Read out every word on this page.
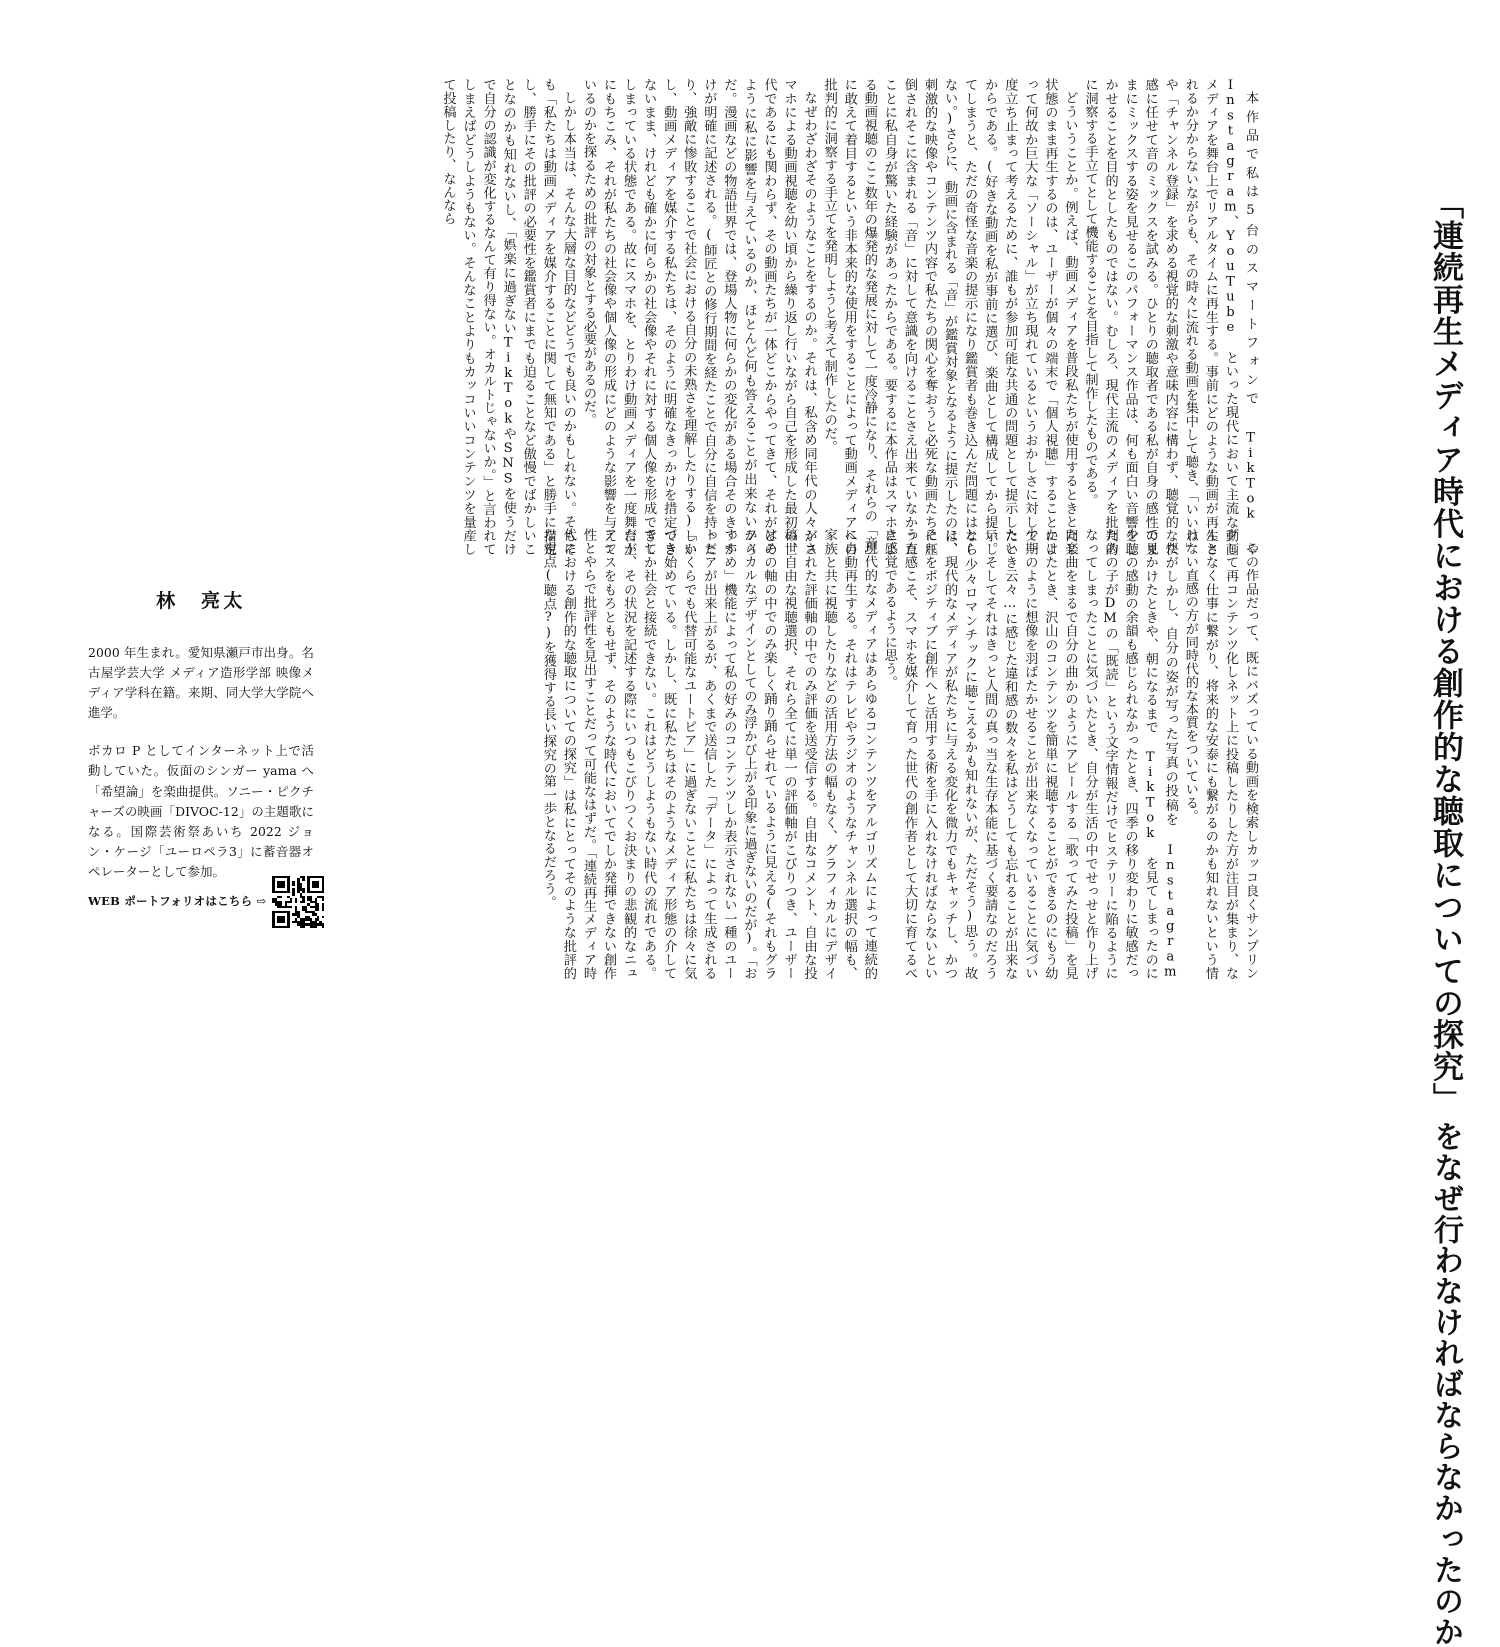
「連続再生メディア時代における創作的な聴取についての探究」
をなぜ行わなければならなかったのか

本作品で私は5台のスマートフォンで TikTok や Instagram、YouTube といった現代において主流な動画メディアを舞台上でリアルタイムに再生する。事前にどのような動画が再生されるか分からないながらも、その時々に流れる動画を集中して聴き、「いいね」や「チャンネル登録」を求める視覚的な刺激や意味内容に構わず、聴覚的な快感に任せて音のミックスを試みる。ひとりの聴取者である私が自身の感性のままにミックスする姿を見せるこのパフォーマンス作品は、何も面白い音響を聴かせることを目的としたものではない。むしろ、現代主流のメディアを批判的に洞察する手立てとして機能することを目指して制作したものである。

どういうことか。例えば、動画メディアを普段私たちが使用するときと同じ状態のまま再生するのは、ユーザーが個々の端末で「個人視聴」することによって何故か巨大な「ソーシャル」が立ち現れているというおかしさに対して一度立ち止まって考えるために、誰もが参加可能な共通の問題として提示したいからである。(好きな動画を私が事前に選び、楽曲として構成してから提示してしまうと、ただの奇怪な音楽の提示になり鑑賞者も巻き込んだ問題にはならない。)さらに、動画に含まれる「音」が鑑賞対象となるように提示したのは、刺激的な映像やコンテンツ内容で私たちの関心を奪おうと必死な動画たちに圧倒されそこに含まれる「音」に対して意識を向けることさえ出来ていなかったことに私自身が驚いた経験があったからである。要するに本作品はスマホによる動画視聴のここ数年の爆発的な発展に対して一度冷静になり、それらの「音」に敢えて着目するという非本来的な使用をすることによって動画メディアへの批判的に洞察する手立てを発明しようと考えて制作したのだ。

なぜわざわざそのようなことをするのか。それは、私含め同年代の人々がスマホによる動画視聴を幼い頃から繰り返し行いながら自己を形成した最初の世代であるにも関わらず、その動画たちが一体どこからやってきて、それがどのように私に影響を与えているのか、ほとんど何も答えることが出来ないからだ。漫画などの物語世界では、登場人物に何らかの変化がある場合そのきっかけが明確に記述される。(師匠との修行期間を経たことで自分に自信を持ったり、強敵に惨敗することで社会における自分の未熟さを理解したりする)しかし、動画メディアを媒介する私たちは、そのように明確なきっかけを措定できないまま、けれども確かに何らかの社会像やそれに対する個人像を形成できてしまっている状態である。故にスマホを、とりわけ動画メディアを一度舞台上にもちこみ、それが私たちの社会像や個人像の形成にどのような影響を与えているのかを探るための批評の対象とする必要があるのだ。

しかし本当は、そんな大層な目的などどうでも良いのかもしれない。そもそも「私たちは動画メディアを媒介することに関して無知である」と勝手に措定し、勝手にその批評の必要性を鑑賞者にまでも迫ることなど傲慢でばかしいことなのかも知れないし、「娯楽に過ぎないTikTokやSNSを使うだけで自分の認識が変化するなんて有り得ない。オカルトじゃないか。」と言われてしまえばどうしようもない。そんなことよりもカッコいいコンテンツを量産して投稿したり、なんなら

この作品だって、既にバズっている動画を検索しカッコ良くサンプリングして再コンテンツ化しネット上に投稿したりした方が注目が集まり、なんとなく仕事に繋がり、将来的な安泰にも繋がるのかも知れないという情けない直感の方が同時代的な本質をついている。

だがしかし、自分の姿が写った写真の投稿を Instagram で見かけたときや、朝になるまで TikTok を見てしまったのに少しの感動の余韻も感じられなかったとき、四季の移り変わりに敏感だったあの子がDMの「既読」という文字情報だけでヒステリーに陥るようになってしまったことに気づいたとき、自分が生活の中でせっせと作り上げた楽曲をまるで自分の曲かのようにアピールする「歌ってみた投稿」を見かけたとき、沢山のコンテンツを簡単に視聴することができるのにもう幼少期のように想像を羽ばたかせることが出来なくなっていることに気づいたとき云々…に感じた違和感の数々を私はどうしても忘れることが出来ない。そしてそれはきっと人間の真っ当な生存本能に基づく要請なのだろうと(少々ロマンチックに聴こえるかも知れないが、ただそう)思う。故に、現代的なメディアが私たちに与える変化を微力でもキャッチし、かつそれをポジティブに創作へと活用する術を手に入れなければならないという直感こそ、スマホを媒介して育った世代の創作者として大切に育てるべき感覚であるように思う。

現代的なメディアはあらゆるコンテンツをアルゴリズムによって連続的に自動再生する。それはテレビやラジオのようなチャンネル選択の幅も、家族と共に視聴したりなどの活用方法の幅もなく、グラフィカルにデザインされた評価軸の中でのみ評価を送受信する。自由なコメント、自由な投稿、自由な視聴選択、それら全てに単一の評価軸がこびりつき、ユーザーはその軸の中でのみ楽しく踊り踊らせれているように見える(それもグラフィカルなデザインとしてのみ浮かび上がる印象に過ぎないのだが)。「おすすめ」機能によって私の好みのコンテンツしか表示されない一種のユートピアが出来上がるが、あくまで送信した「データ」によって生成される「いくらでも代替可能なユートピア」に過ぎないことに私たちは徐々に気づき始めている。しかし、既に私たちはそのようなメディア形態の介してでしか社会と接続できない。これはどうしようもない時代の流れである。だが、その状況を記述する際にいつもこびりつくお決まりの悲観的なニュアンスをもろともせず、そのような時代においてでしか発揮できない創作性とやらで批評性を見出すことだって可能なはずだ。「連続再生メディア時代における創作的な聴取についての探究」は私にとってそのような批評的な視点(聴点?)を獲得する長い探究の第一歩となるだろう。

林　亮太

2000 年生まれ。愛知県瀬戸市出身。名古屋学芸大学 メディア造形学部 映像メディア学科在籍。来期、同大学大学院へ進学。

ボカロ P としてインターネット上で活動していた。仮面のシンガー yama へ「希望論」を楽曲提供。ソニー・ピクチャーズの映画「DIVOC-12」の主題歌になる。国際芸術祭あいち 2022 ジョン・ケージ「ユーロペラ3」に蓄音器オペレーターとして参加。

WEB ポートフォリオはこちら ⇨
